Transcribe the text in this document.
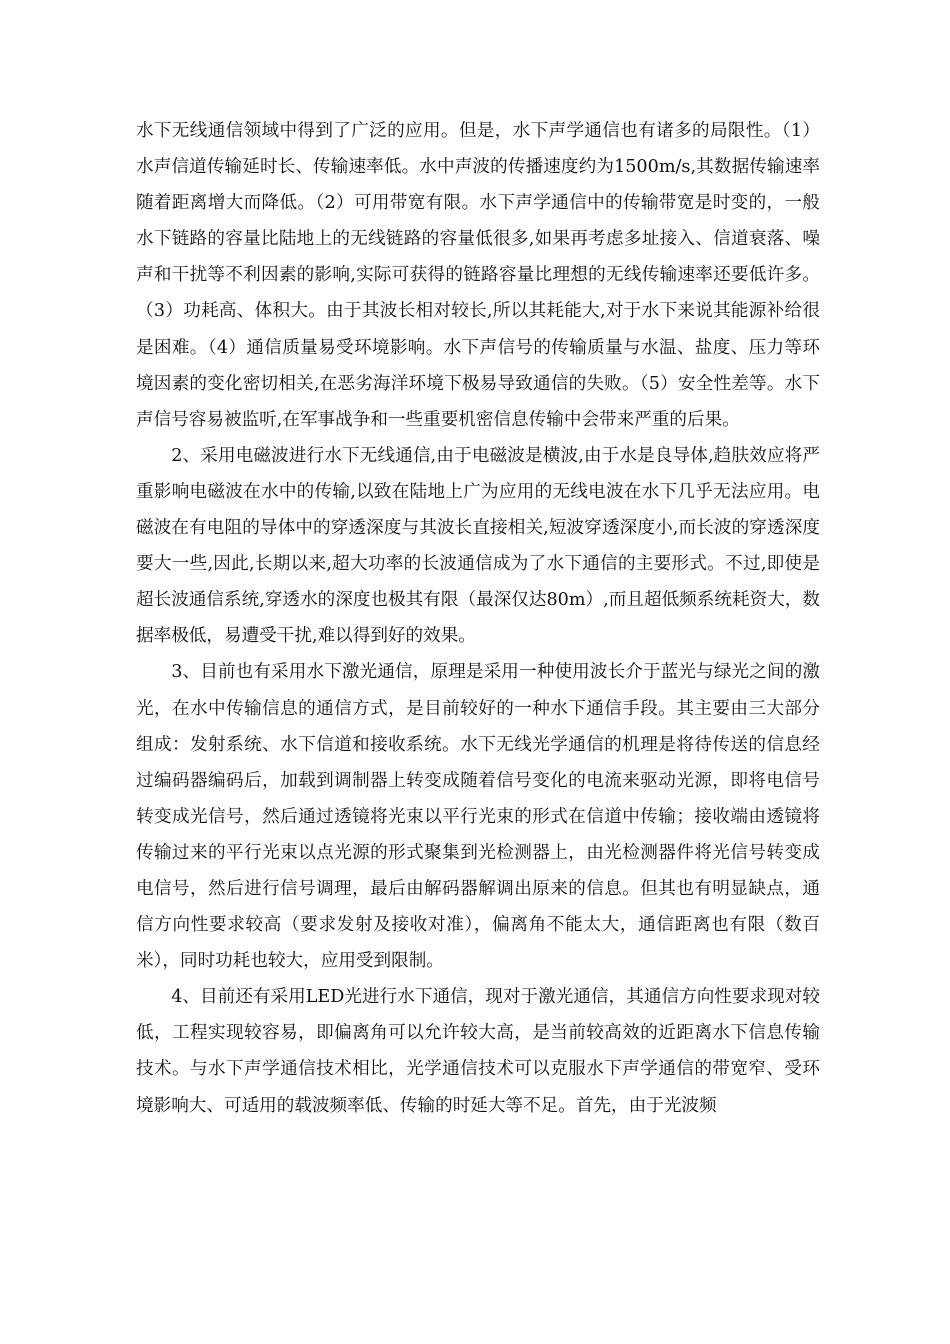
水下无线通信领域中得到了广泛的应用。但是，水下声学通信也有诸多的局限性。（1）水声信道传输延时长、传输速率低。水中声波的传播速度约为1500m/s,其数据传输速率随着距离增大而降低。（2）可用带宽有限。水下声学通信中的传输带宽是时变的，一般水下链路的容量比陆地上的无线链路的容量低很多,如果再考虑多址接入、信道衰落、噪声和干扰等不利因素的影响,实际可获得的链路容量比理想的无线传输速率还要低许多。（3）功耗高、体积大。由于其波长相对较长,所以其耗能大,对于水下来说其能源补给很是困难。（4）通信质量易受环境影响。水下声信号的传输质量与水温、盐度、压力等环境因素的变化密切相关,在恶劣海洋环境下极易导致通信的失败。（5）安全性差等。水下声信号容易被监听,在军事战争和一些重要机密信息传输中会带来严重的后果。

2、采用电磁波进行水下无线通信,由于电磁波是横波,由于水是良导体,趋肤效应将严重影响电磁波在水中的传输,以致在陆地上广为应用的无线电波在水下几乎无法应用。电磁波在有电阻的导体中的穿透深度与其波长直接相关,短波穿透深度小,而长波的穿透深度要大一些,因此,长期以来,超大功率的长波通信成为了水下通信的主要形式。不过,即使是超长波通信系统,穿透水的深度也极其有限（最深仅达80m）,而且超低频系统耗资大，数据率极低，易遭受干扰,难以得到好的效果。

3、目前也有采用水下激光通信，原理是采用一种使用波长介于蓝光与绿光之间的激光，在水中传输信息的通信方式，是目前较好的一种水下通信手段。其主要由三大部分组成：发射系统、水下信道和接收系统。水下无线光学通信的机理是将待传送的信息经过编码器编码后，加载到调制器上转变成随着信号变化的电流来驱动光源，即将电信号转变成光信号，然后通过透镜将光束以平行光束的形式在信道中传输；接收端由透镜将传输过来的平行光束以点光源的形式聚集到光检测器上，由光检测器件将光信号转变成电信号，然后进行信号调理，最后由解码器解调出原来的信息。但其也有明显缺点，通信方向性要求较高（要求发射及接收对准），偏离角不能太大，通信距离也有限（数百米），同时功耗也较大，应用受到限制。

4、目前还有采用LED光进行水下通信，现对于激光通信，其通信方向性要求现对较低，工程实现较容易，即偏离角可以允许较大高，是当前较高效的近距离水下信息传输技术。与水下声学通信技术相比，光学通信技术可以克服水下声学通信的带宽窄、受环境影响大、可适用的载波频率低、传输的时延大等不足。首先，由于光波频
